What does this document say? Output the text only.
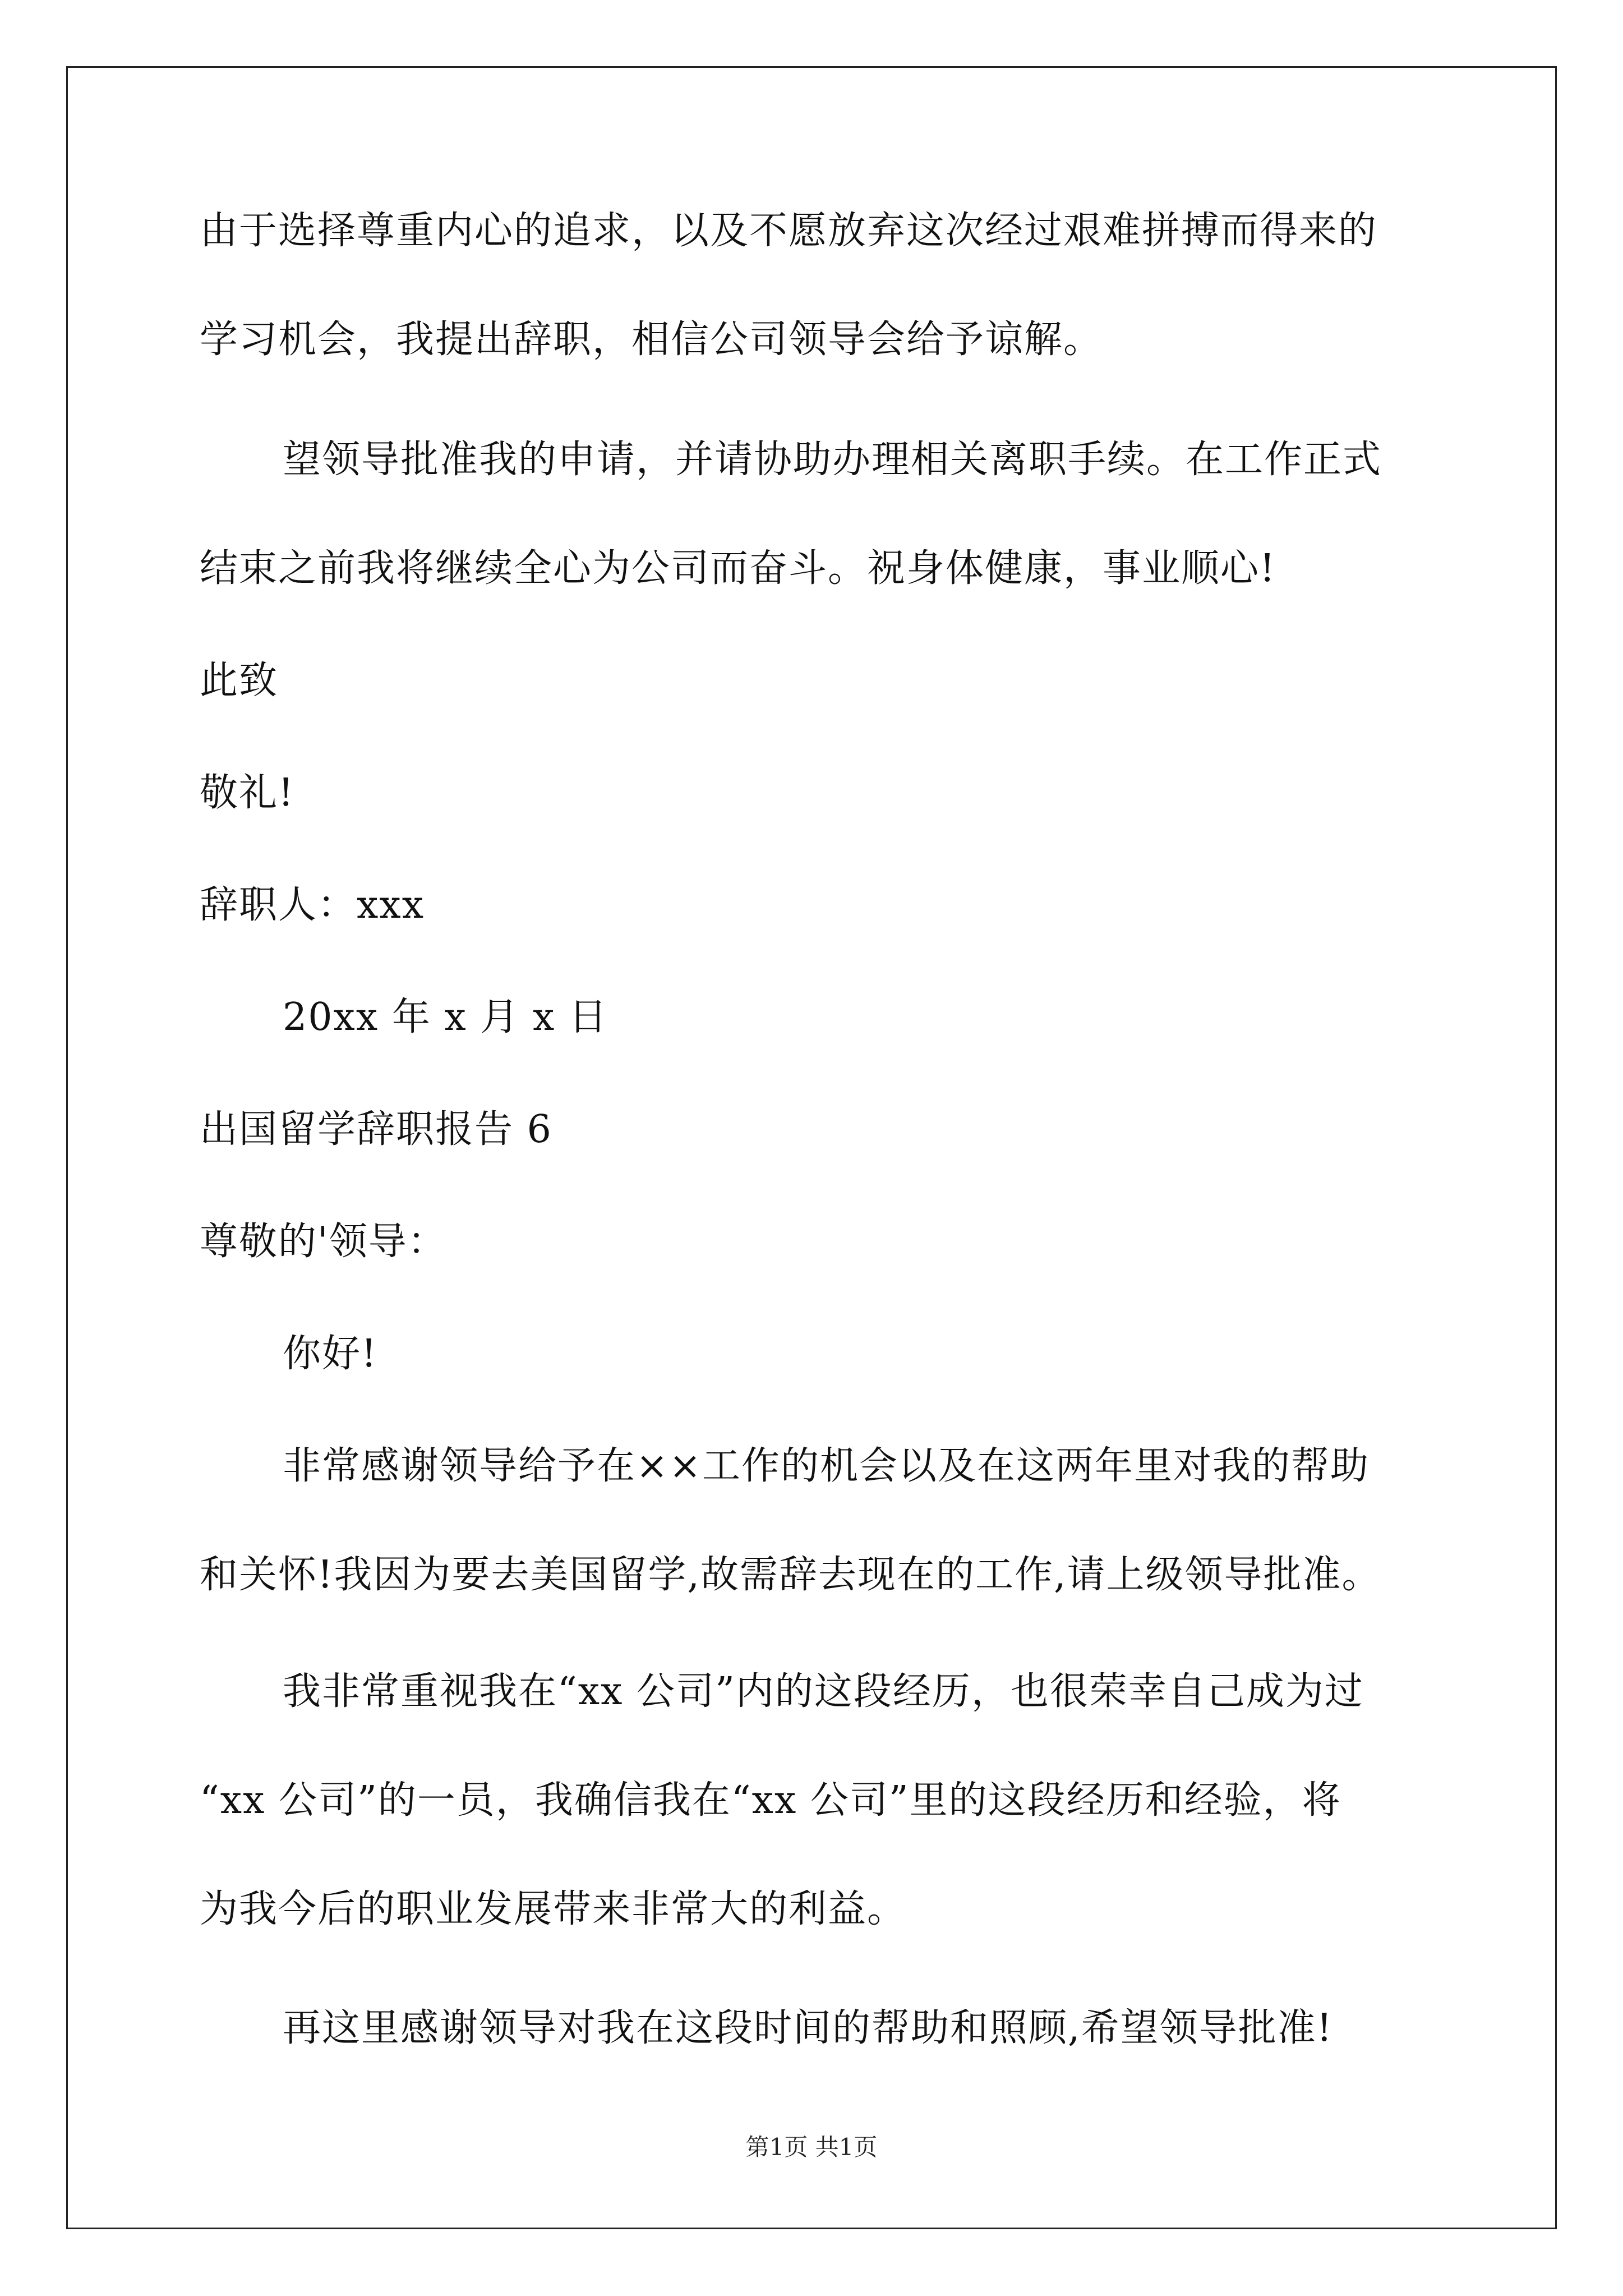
由于选择尊重内心的追求，以及不愿放弃这次经过艰难拼搏而得来的
学习机会，我提出辞职，相信公司领导会给予谅解。
望领导批准我的申请，并请协助办理相关离职手续。在工作正式
结束之前我将继续全心为公司而奋斗。祝身体健康，事业顺心!
此致
敬礼!
辞职人：xxx
20xx 年 x 月 x 日
出国留学辞职报告 6
尊敬的'领导：
你好!
非常感谢领导给予在××工作的机会以及在这两年里对我的帮助
和关怀!我因为要去美国留学,故需辞去现在的工作,请上级领导批准。
我非常重视我在“xx 公司”内的这段经历，也很荣幸自己成为过
“xx 公司”的一员，我确信我在“xx 公司”里的这段经历和经验，将
为我今后的职业发展带来非常大的利益。
再这里感谢领导对我在这段时间的帮助和照顾,希望领导批准!
第1页 共1页
